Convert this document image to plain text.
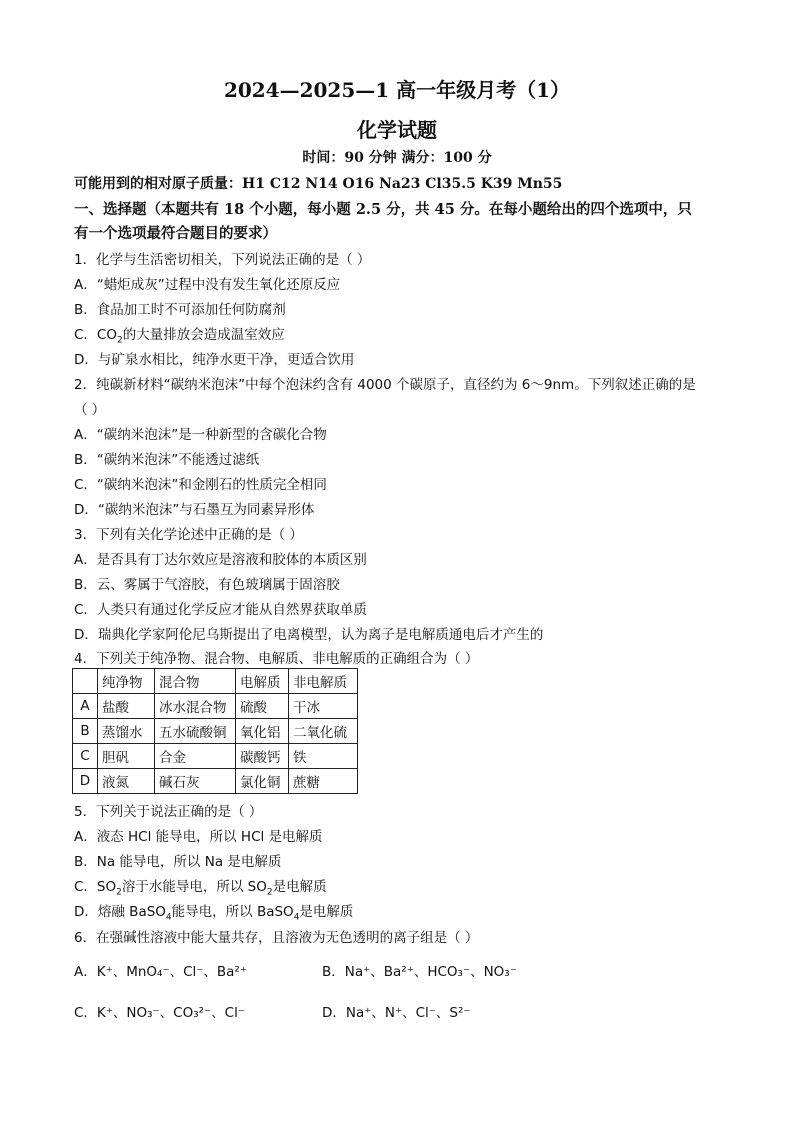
2024—2025—1 高一年级月考（1）
化学试题
时间：90 分钟 满分：100 分
可能用到的相对原子质量：H1 C12 N14 O16 Na23 Cl35.5 K39 Mn55
一、选择题（本题共有 18 个小题，每小题 2.5 分，共 45 分。在每小题给出的四个选项中，只
有一个选项最符合题目的要求）
1．化学与生活密切相关，下列说法正确的是（ ）
A．“蜡炬成灰”过程中没有发生氧化还原反应
B．食品加工时不可添加任何防腐剂
C．$CO_2$的大量排放会造成温室效应
D．与矿泉水相比，纯净水更干净，更适合饮用
2．纯碳新材料“碳纳米泡沫”中每个泡沫约含有 4000 个碳原子，直径约为 6～9nm。下列叙述正确的是
（ ）
A．“碳纳米泡沫”是一种新型的含碳化合物
B．“碳纳米泡沫”不能透过滤纸
C．“碳纳米泡沫”和金刚石的性质完全相同
D．“碳纳米泡沫”与石墨互为同素异形体
3．下列有关化学论述中正确的是（ ）
A．是否具有丁达尔效应是溶液和胶体的本质区别
B．云、雾属于气溶胶，有色玻璃属于固溶胶
C．人类只有通过化学反应才能从自然界获取单质
D．瑞典化学家阿伦尼乌斯提出了电离模型，认为离子是电解质通电后才产生的
4．下列关于纯净物、混合物、电解质、非电解质的正确组合为（ ）
	纯净物	混合物	电解质	非电解质
A	盐酸	冰水混合物	硫酸	干冰
B	蒸馏水	五水硫酸铜	氧化铝	二氧化硫
C	胆矾	合金	碳酸钙	铁
D	液氮	碱石灰	氯化铜	蔗糖
5．下列关于说法正确的是（ ）
A．液态 HCl 能导电，所以 HCl 是电解质
B．Na 能导电，所以 Na 是电解质
C．$SO_2$溶于水能导电，所以 $SO_2$是电解质
D．熔融 BaSO$_4$能导电，所以 BaSO$_4$是电解质
6．在强碱性溶液中能大量共存，且溶液为无色透明的离子组是（ ）
A．K⁺、MnO₄⁻、Cl⁻、Ba²⁺	B．Na⁺、Ba²⁺、HCO₃⁻、NO₃⁻
C．K⁺、NO₃⁻、CO₃²⁻、Cl⁻	D．Na⁺、N⁺、Cl⁻、S²⁻
